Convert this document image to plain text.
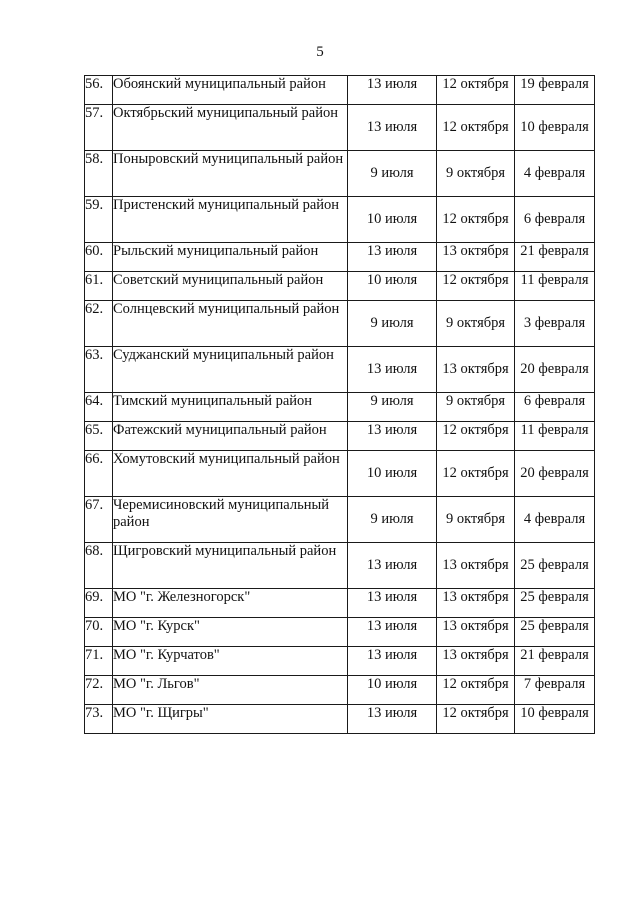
5
56.	Обоянский муниципальный район	13 июля	12 октября	19 февраля
57.	Октябрьский муниципальный район	13 июля	12 октября	10 февраля
58.	Поныровский муниципальный район	9 июля	9 октября	4 февраля
59.	Пристенский муниципальный район	10 июля	12 октября	6 февраля
60.	Рыльский муниципальный район	13 июля	13 октября	21 февраля
61.	Советский муниципальный район	10 июля	12 октября	11 февраля
62.	Солнцевский муниципальный район	9 июля	9 октября	3 февраля
63.	Суджанский муниципальный район	13 июля	13 октября	20 февраля
64.	Тимский муниципальный район	9 июля	9 октября	6 февраля
65.	Фатежский муниципальный район	13 июля	12 октября	11 февраля
66.	Хомутовский муниципальный район	10 июля	12 октября	20 февраля
67.	Черемисиновский муниципальный район	9 июля	9 октября	4 февраля
68.	Щигровский муниципальный район	13 июля	13 октября	25 февраля
69.	МО "г. Железногорск"	13 июля	13 октября	25 февраля
70.	МО "г. Курск"	13 июля	13 октября	25 февраля
71.	МО "г. Курчатов"	13 июля	13 октября	21 февраля
72.	МО "г. Льгов"	10 июля	12 октября	7 февраля
73.	МО "г. Щигры"	13 июля	12 октября	10 февраля
